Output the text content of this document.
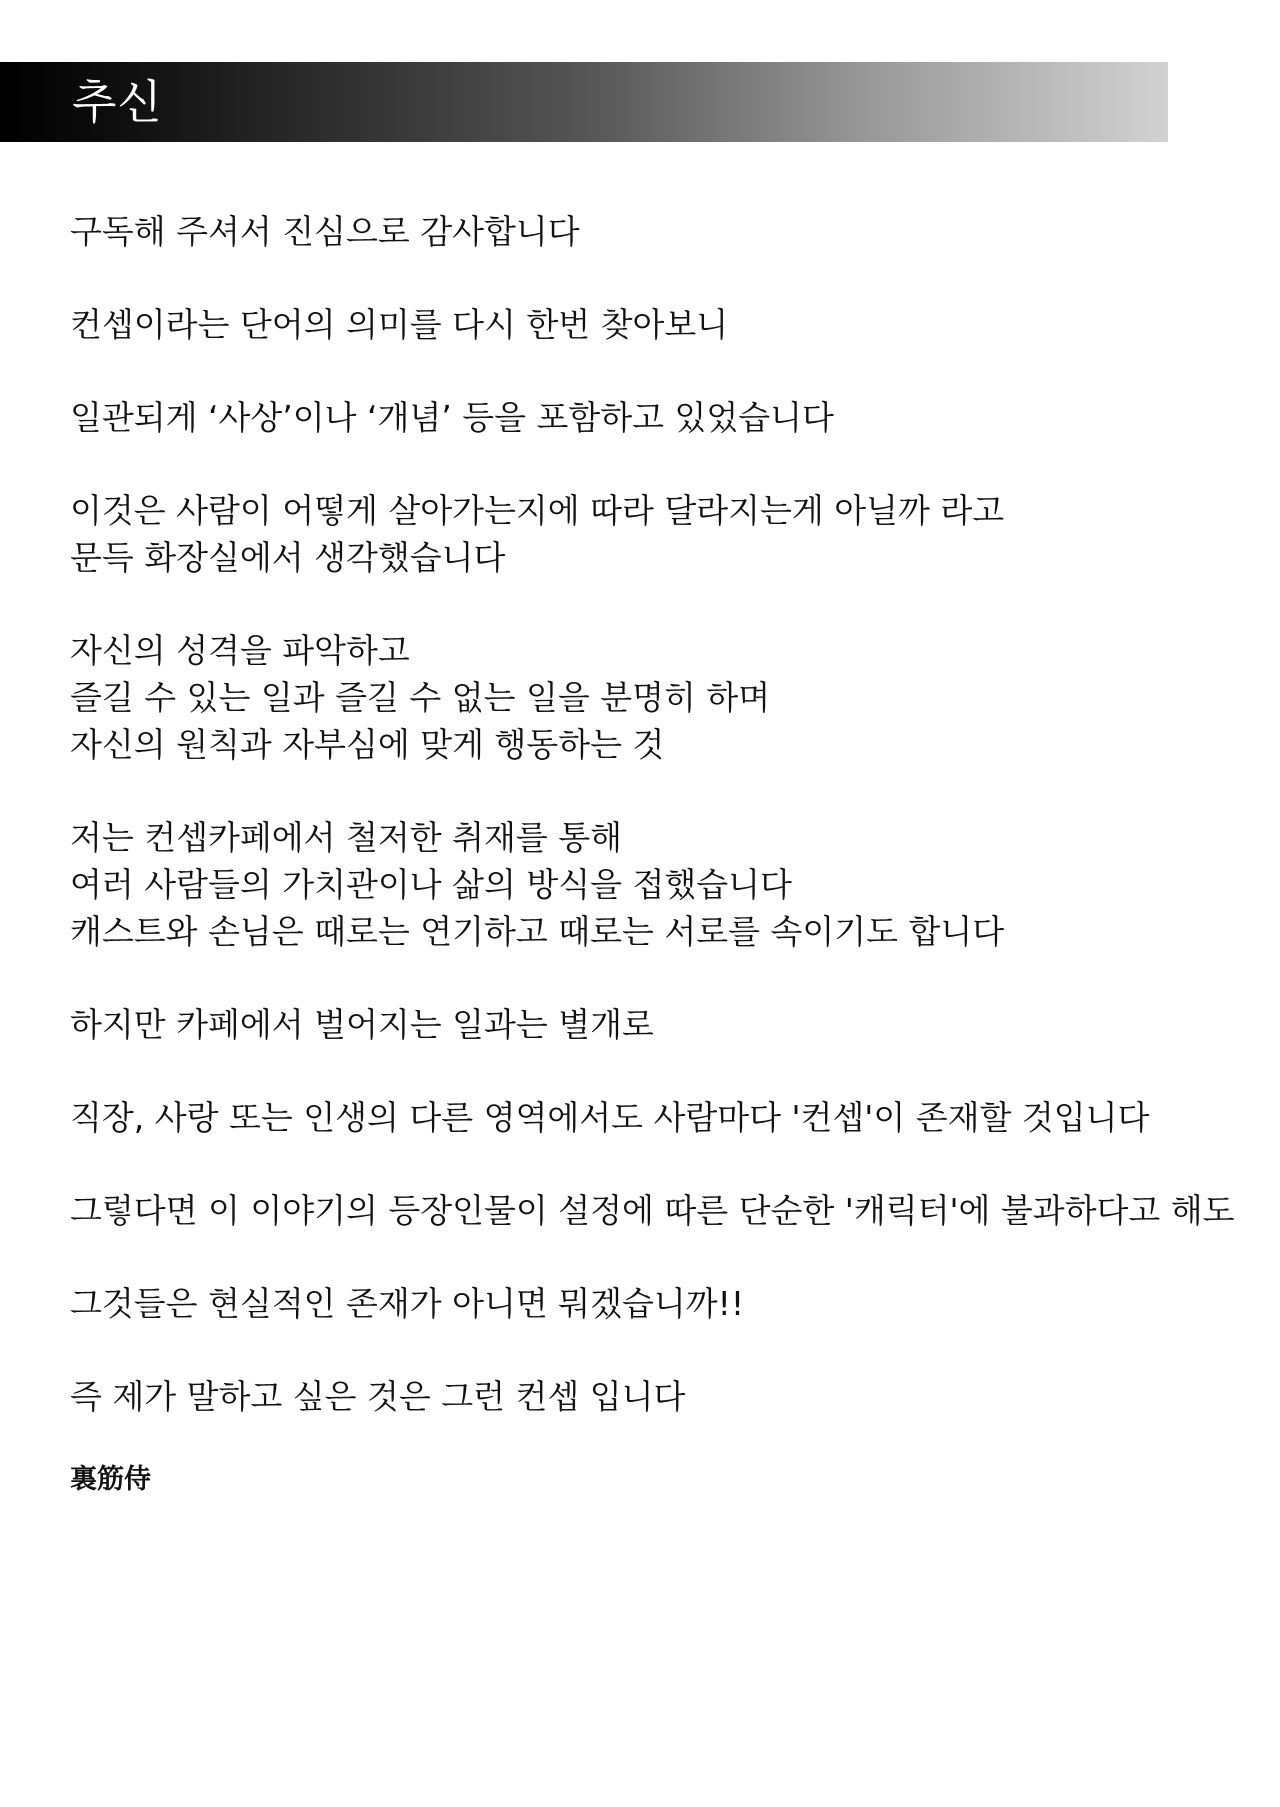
추신
구독해 주셔서 진심으로 감사합니다
컨셉이라는 단어의 의미를 다시 한번 찾아보니
일관되게 ‘사상’이나 ‘개념’ 등을 포함하고 있었습니다
이것은 사람이 어떻게 살아가는지에 따라 달라지는게 아닐까 라고
문득 화장실에서 생각했습니다
자신의 성격을 파악하고
즐길 수 있는 일과 즐길 수 없는 일을 분명히 하며
자신의 원칙과 자부심에 맞게 행동하는 것
저는 컨셉카페에서 철저한 취재를 통해
여러 사람들의 가치관이나 삶의 방식을 접했습니다
캐스트와 손님은 때로는 연기하고 때로는 서로를 속이기도 합니다
하지만 카페에서 벌어지는 일과는 별개로
직장, 사랑 또는 인생의 다른 영역에서도 사람마다 '컨셉'이 존재할 것입니다
그렇다면 이 이야기의 등장인물이 설정에 따른 단순한 '캐릭터'에 불과하다고 해도
그것들은 현실적인 존재가 아니면 뭐겠습니까!!
즉 제가 말하고 싶은 것은 그런 컨셉 입니다
裏筋侍
